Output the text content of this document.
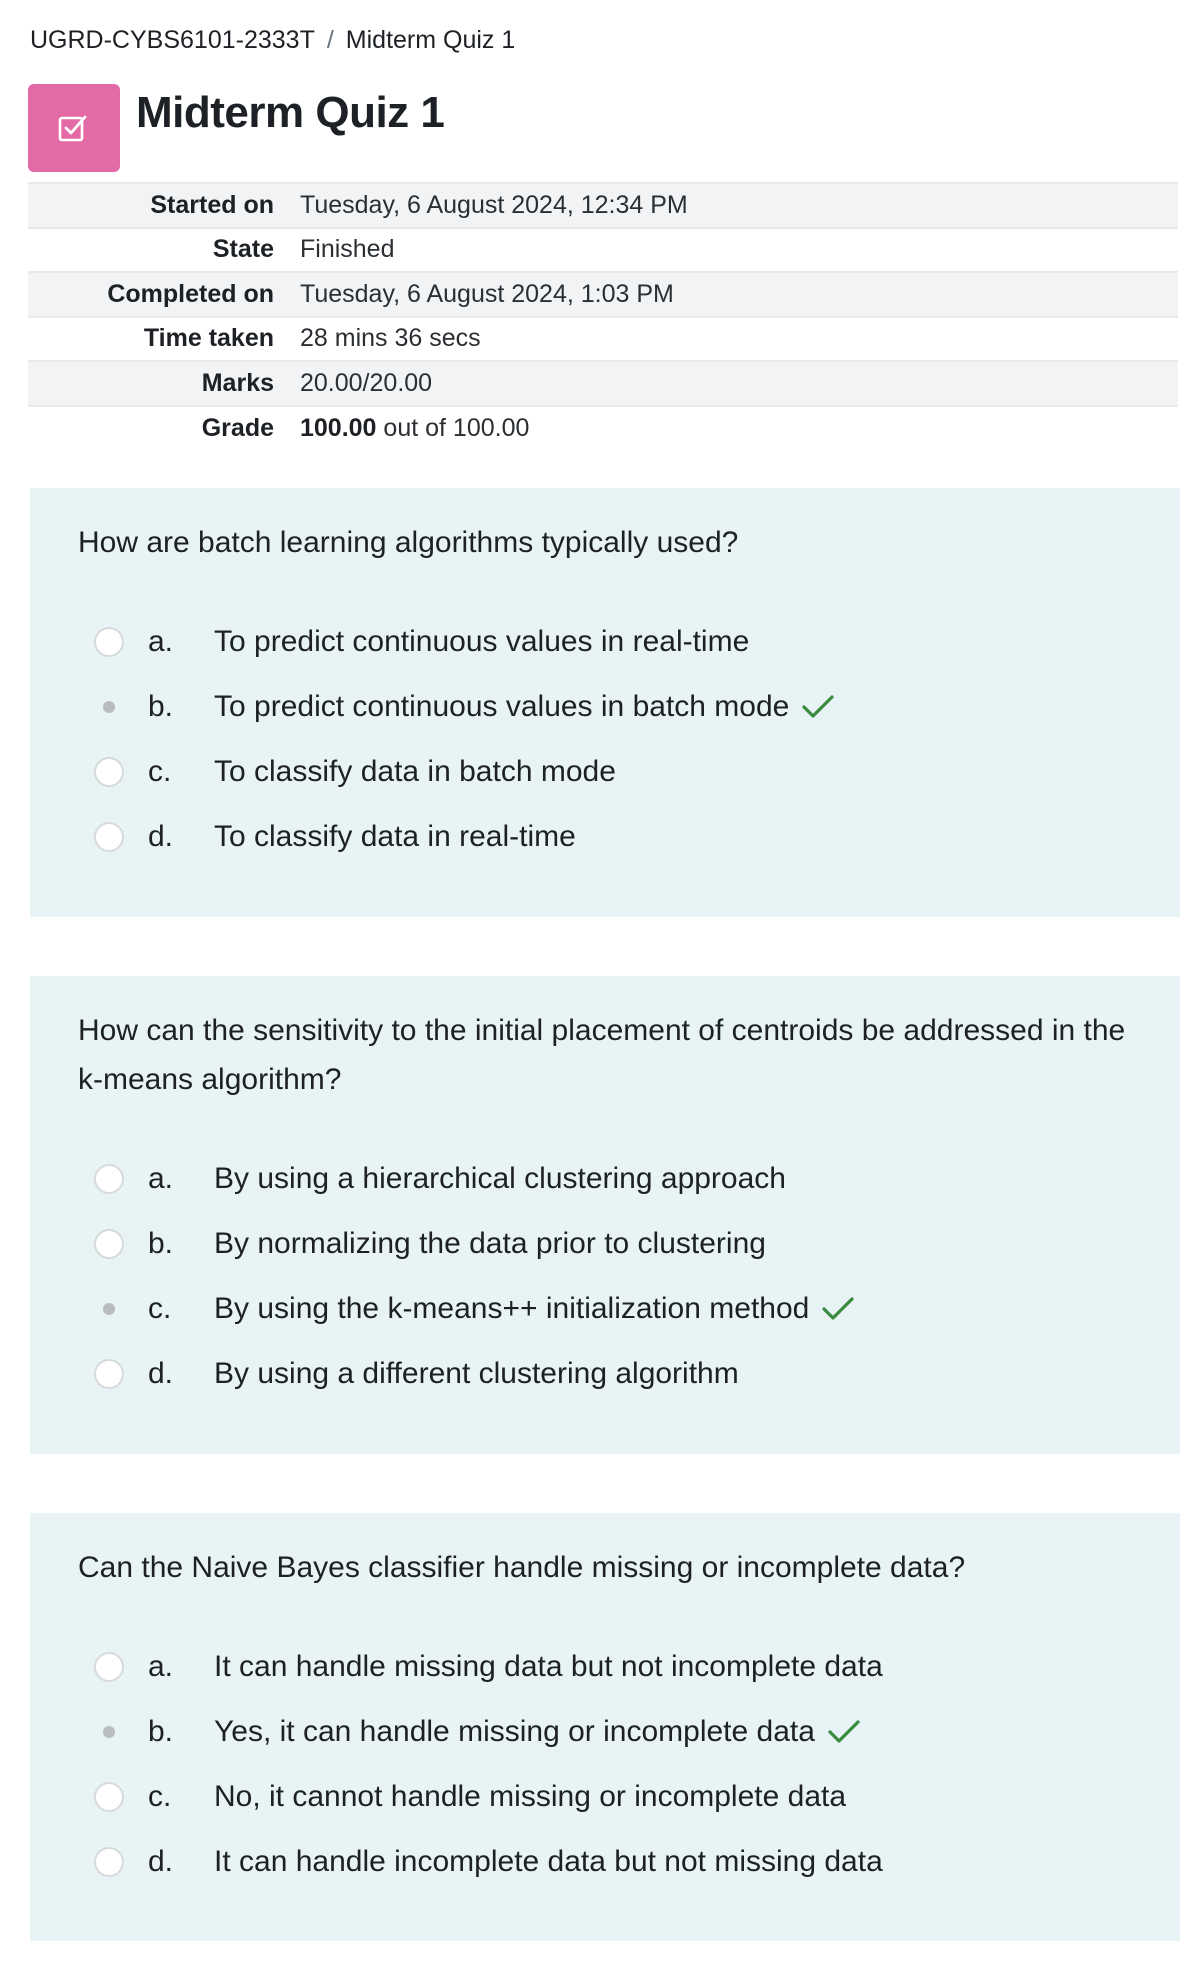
UGRD-CYBS6101-2333T / Midterm Quiz 1
Midterm Quiz 1
Started on	Tuesday, 6 August 2024, 12:34 PM
State	Finished
Completed on	Tuesday, 6 August 2024, 1:03 PM
Time taken	28 mins 36 secs
Marks	20.00/20.00
Grade	100.00 out of 100.00
How are batch learning algorithms typically used?
a.	To predict continuous values in real-time
b.	To predict continuous values in batch mode
c.	To classify data in batch mode
d.	To classify data in real-time
How can the sensitivity to the initial placement of centroids be addressed in the k-means algorithm?
a.	By using a hierarchical clustering approach
b.	By normalizing the data prior to clustering
c.	By using the k-means++ initialization method
d.	By using a different clustering algorithm
Can the Naive Bayes classifier handle missing or incomplete data?
a.	It can handle missing data but not incomplete data
b.	Yes, it can handle missing or incomplete data
c.	No, it cannot handle missing or incomplete data
d.	It can handle incomplete data but not missing data
